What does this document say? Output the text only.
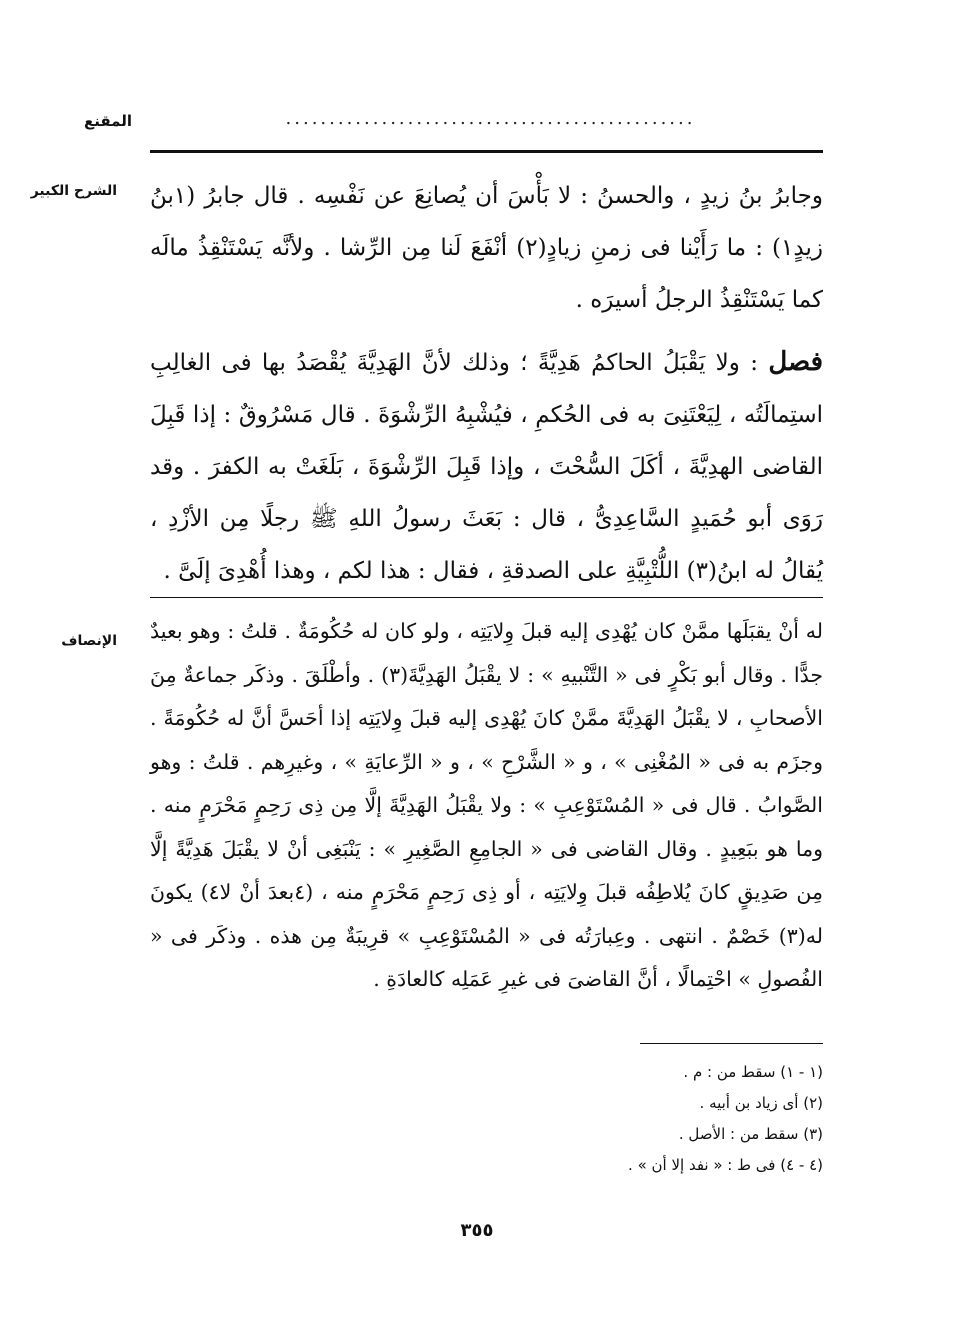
المقنع	...............................................
الشرح الكبير وجابرُ بنُ زيدٍ ، والحسنُ : لا بَأْسَ أن يُصانِعَ عن نَفْسِه . قال جابرُ (١بنُ زيدٍ١) : ما رَأَيْنا فى زمنِ زيادٍ(٢) أنْفَعَ لَنا مِن الرِّشا . ولأنَّه يَسْتَنْقِذُ مالَه كما يَسْتَنْقِذُ الرجلُ أسيرَه .

فصل : ولا يَقْبَلُ الحاكمُ هَدِيَّةً ؛ وذلك لأنَّ الهَدِيَّةَ يُقْصَدُ بها فى الغالِبِ استِمالَتُه ، لِيَعْتَنِىَ به فى الحُكمِ ، فيُشْبِهُ الرِّشْوَةَ . قال مَسْرُوقٌ : إذا قَبِلَ القاضى الهدِيَّةَ ، أكَلَ السُّحْتَ ، وإذا قَبِلَ الرِّشْوَةَ ، بَلَغَتْ به الكفرَ . وقد رَوَى أبو حُمَيدٍ السَّاعِدِىُّ ، قال : بَعَثَ رسولُ اللهِ ﷺ رجلًا مِن الأزْدِ ، يُقالُ له ابنُ(٣) اللُّتْبِيَّةِ على الصدقةِ ، فقال : هذا لكم ، وهذا أُهْدِىَ إلَىَّ .

الإنصاف له أنْ يقبَلَها ممَّنْ كان يُهْدِى إليه قبلَ وِلايَتِه ، ولو كان له حُكُومَةٌ . قلتُ : وهو بعيدٌ جدًّا . وقال أبو بَكْرٍ فى « التَّنْبيهِ » : لا يقْبَلُ الهَدِيَّةَ(٣) . وأطْلَقَ . وذكَر جماعةٌ مِنَ الأصحابِ ، لا يقْبَلُ الهَدِيَّةَ ممَّنْ كانَ يُهْدِى إليه قبلَ وِلايَتِه إذا أحَسَّ أنَّ له حُكُومَةً . وجزَم به فى « المُغْنِى » ، و « الشَّرْحِ » ، و « الرِّعايَةِ » ، وغيرِهم . قلتُ : وهو الصَّوابُ . قال فى « المُسْتَوْعِبِ » : ولا يقْبَلُ الهَدِيَّةَ إلَّا مِن ذِى رَحِمٍ مَحْرَمٍ منه . وما هو ببَعِيدٍ . وقال القاضى فى « الجامِعِ الصَّغِيرِ » : يَنْبَغِى أنْ لا يقْبَلَ هَدِيَّةً إلَّا مِن صَدِيقٍ كانَ يُلاطِفُه قبلَ وِلايَتِه ، أو ذِى رَحِمٍ مَحْرَمٍ منه ، (٤بعدَ أنْ لا٤) يكونَ له(٣) خَصْمٌ . انتهى . وعِبارَتُه فى « المُسْتَوْعِبِ » قرِيبَةٌ مِن هذه . وذكَر فى « الفُصولِ » احْتِمالًا ، أنَّ القاضىَ فى غيرِ عَمَلِه كالعادَةِ .

(١ - ١) سقط من : م .

(٢) أى زياد بن أبيه .

(٣) سقط من : الأصل .

(٤ - ٤) فى ط : « نفد إلا أن » .

٣٥٥
